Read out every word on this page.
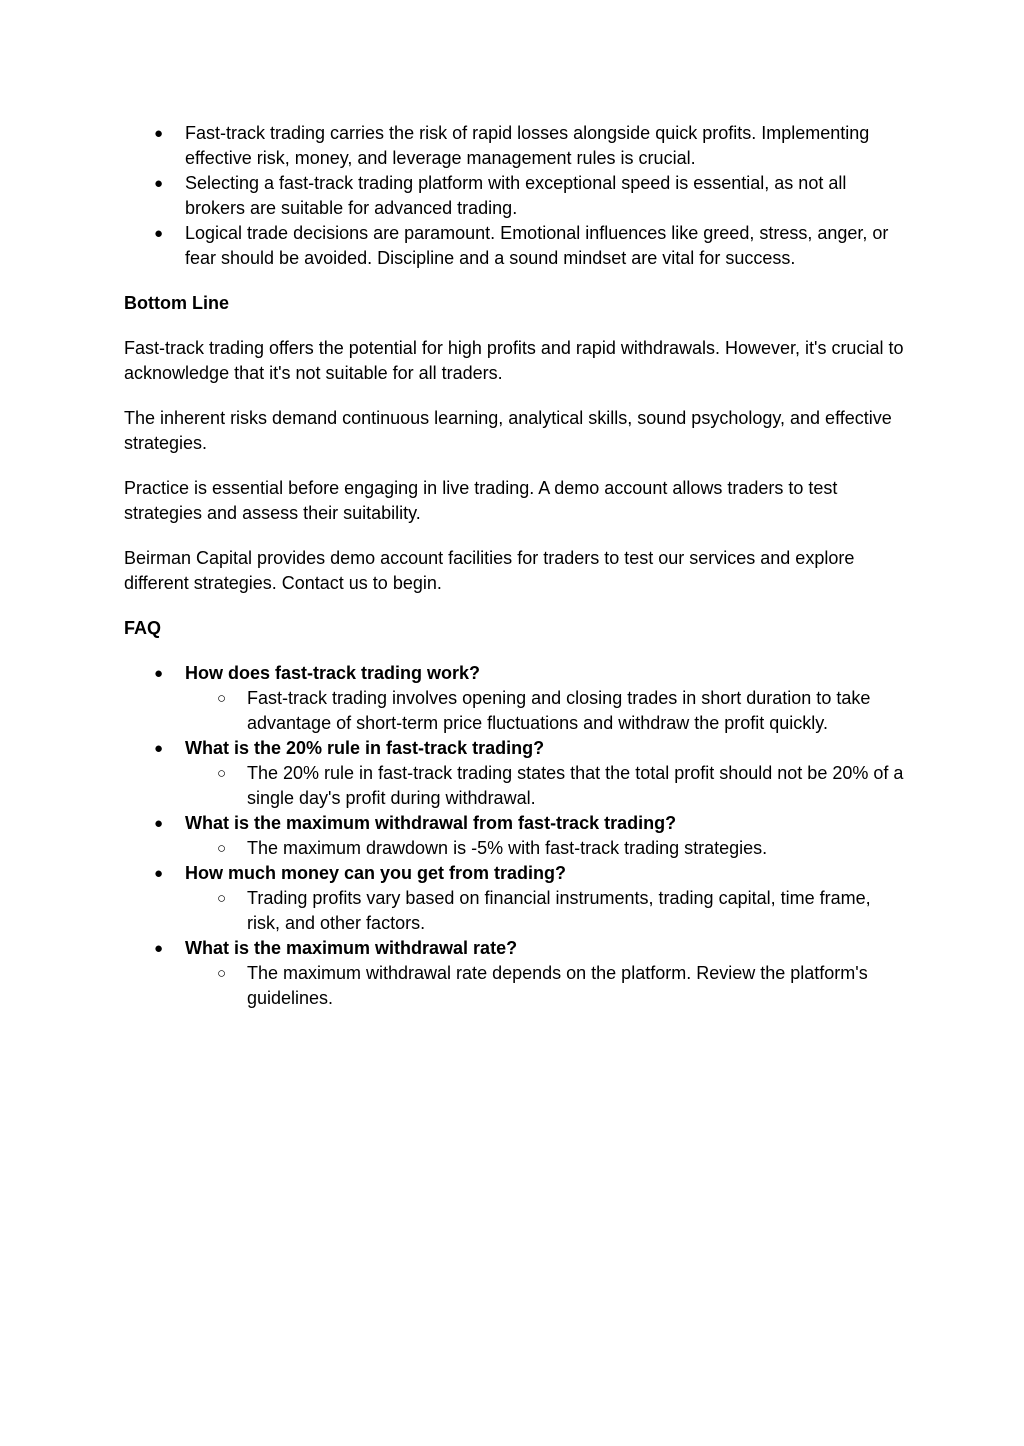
●	Fast-track trading carries the risk of rapid losses alongside quick profits. Implementing effective risk, money, and leverage management rules is crucial.
●	Selecting a fast-track trading platform with exceptional speed is essential, as not all brokers are suitable for advanced trading.
●	Logical trade decisions are paramount. Emotional influences like greed, stress, anger, or fear should be avoided. Discipline and a sound mindset are vital for success.

Bottom Line

Fast-track trading offers the potential for high profits and rapid withdrawals. However, it's crucial to acknowledge that it's not suitable for all traders.

The inherent risks demand continuous learning, analytical skills, sound psychology, and effective strategies.

Practice is essential before engaging in live trading. A demo account allows traders to test strategies and assess their suitability.

Beirman Capital provides demo account facilities for traders to test our services and explore different strategies. Contact us to begin.

FAQ

●	How does fast-track trading work?
○	Fast-track trading involves opening and closing trades in short duration to take advantage of short-term price fluctuations and withdraw the profit quickly.
●	What is the 20% rule in fast-track trading?
○	The 20% rule in fast-track trading states that the total profit should not be 20% of a single day's profit during withdrawal.
●	What is the maximum withdrawal from fast-track trading?
○	The maximum drawdown is -5% with fast-track trading strategies.
●	How much money can you get from trading?
○	Trading profits vary based on financial instruments, trading capital, time frame, risk, and other factors.
●	What is the maximum withdrawal rate?
○	The maximum withdrawal rate depends on the platform. Review the platform's guidelines.
